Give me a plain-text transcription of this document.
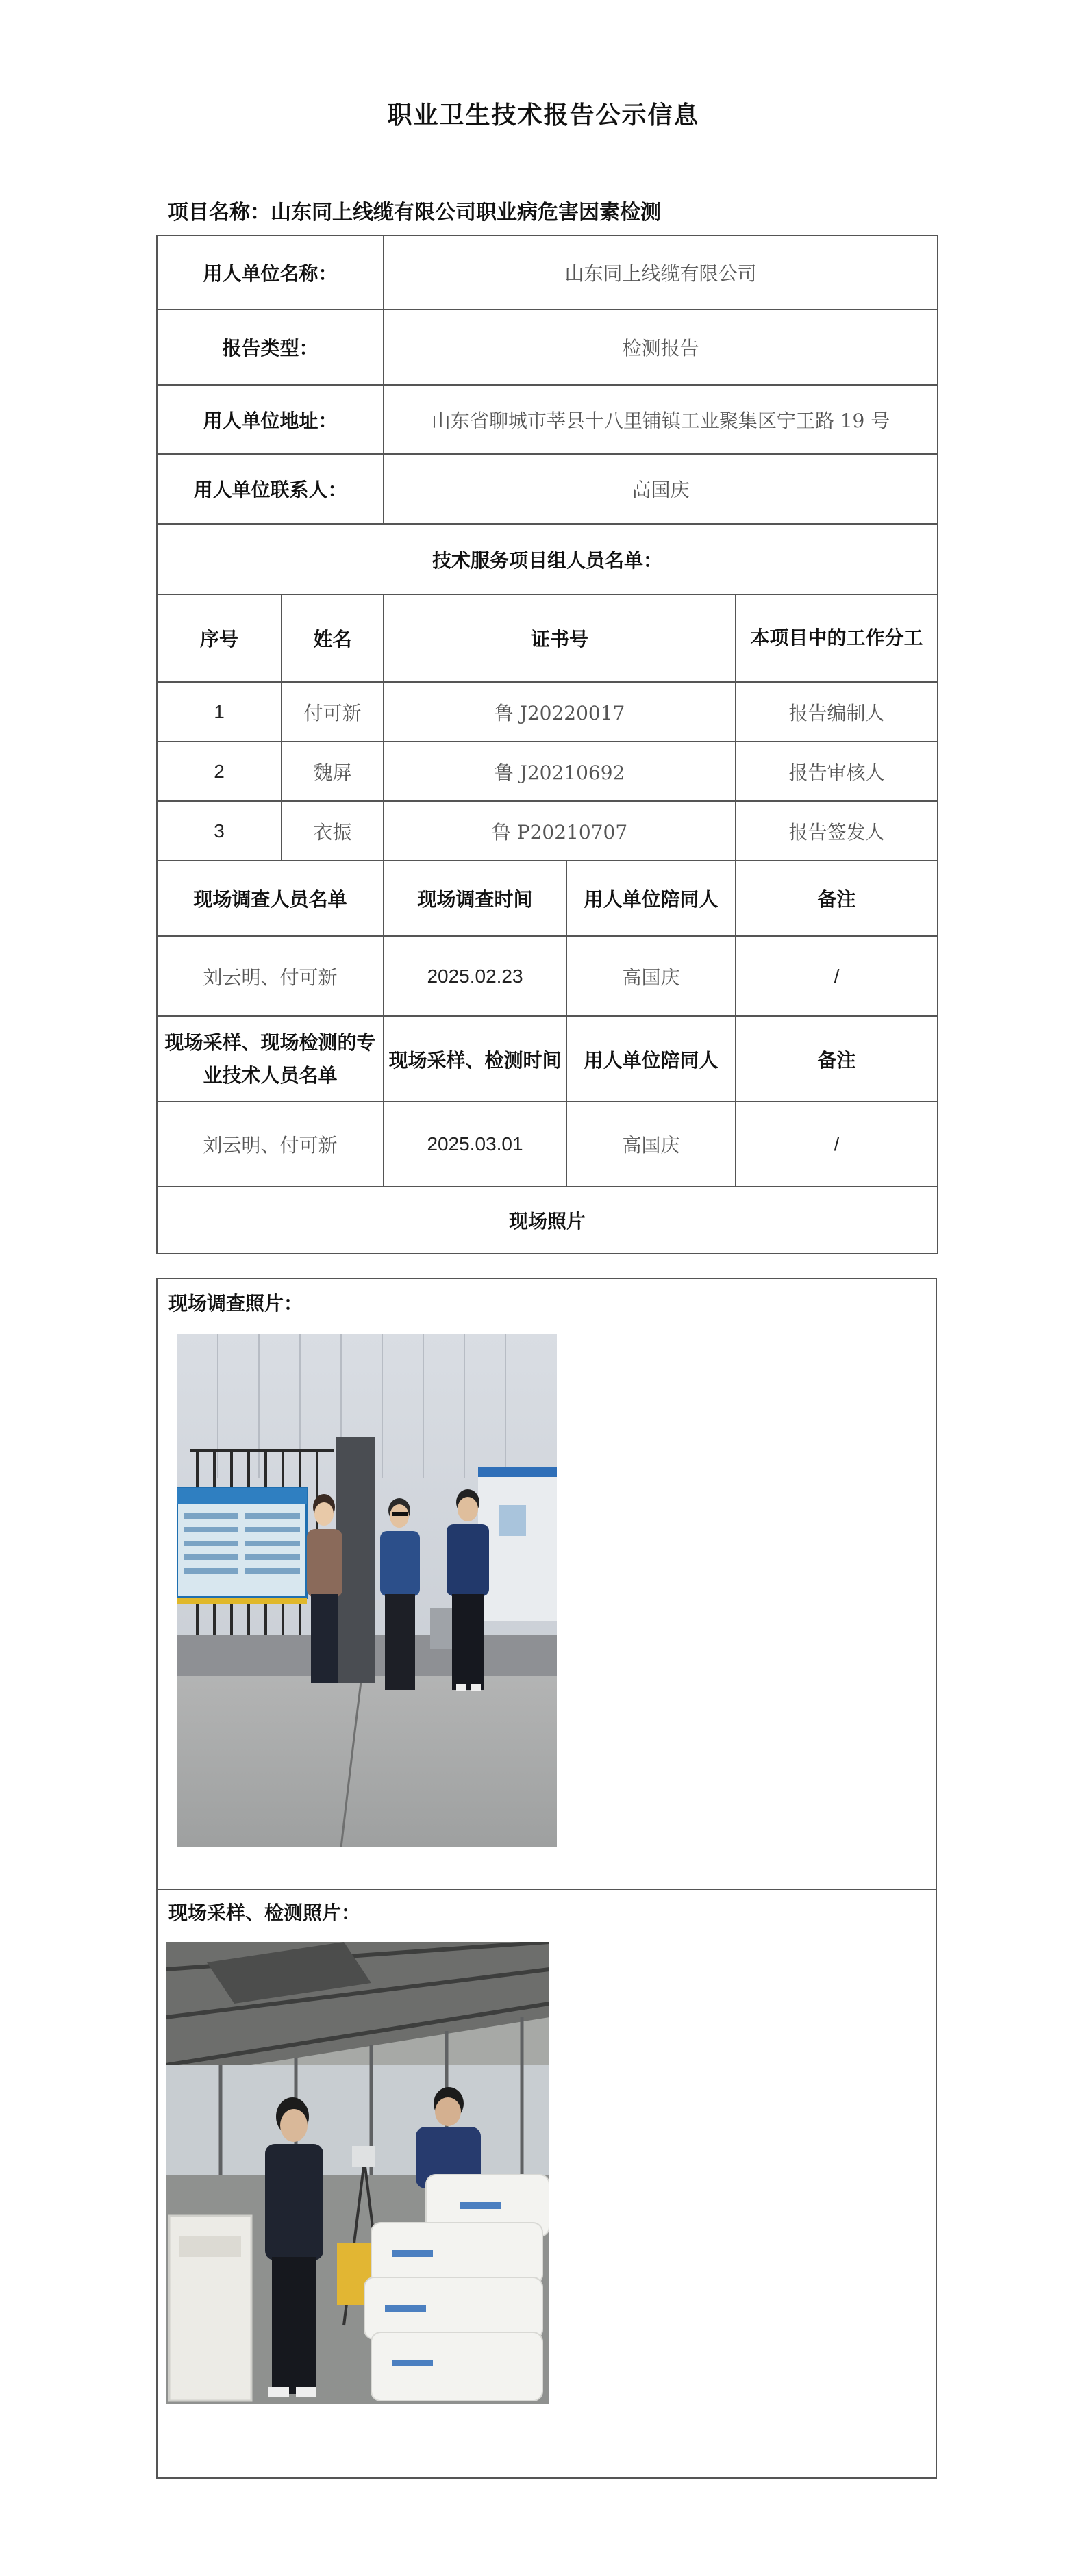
职业卫生技术报告公示信息
项目名称：山东同上线缆有限公司职业病危害因素检测
用人单位名称：		山东同上线缆有限公司		
报告类型：		检测报告		
用人单位地址：		山东省聊城市莘县十八里铺镇工业聚集区宁王路 19 号		
用人单位联系人：		高国庆		
技术服务项目组人员名单：				
序号	姓名	证书号		本项目中的工作分工
1	付可新	鲁 J20220017		报告编制人
2	魏屏	鲁 J20210692		报告审核人
3	衣振	鲁 P20210707		报告签发人
现场调查人员名单		现场调查时间	用人单位陪同人	备注
刘云明、付可新		2025.02.23	高国庆	/
现场采样、现场检测的专业技术人员名单		现场采样、检测时间	用人单位陪同人	备注
刘云明、付可新		2025.03.01	高国庆	/
现场照片				
现场调查照片：
现场采样、检测照片：
